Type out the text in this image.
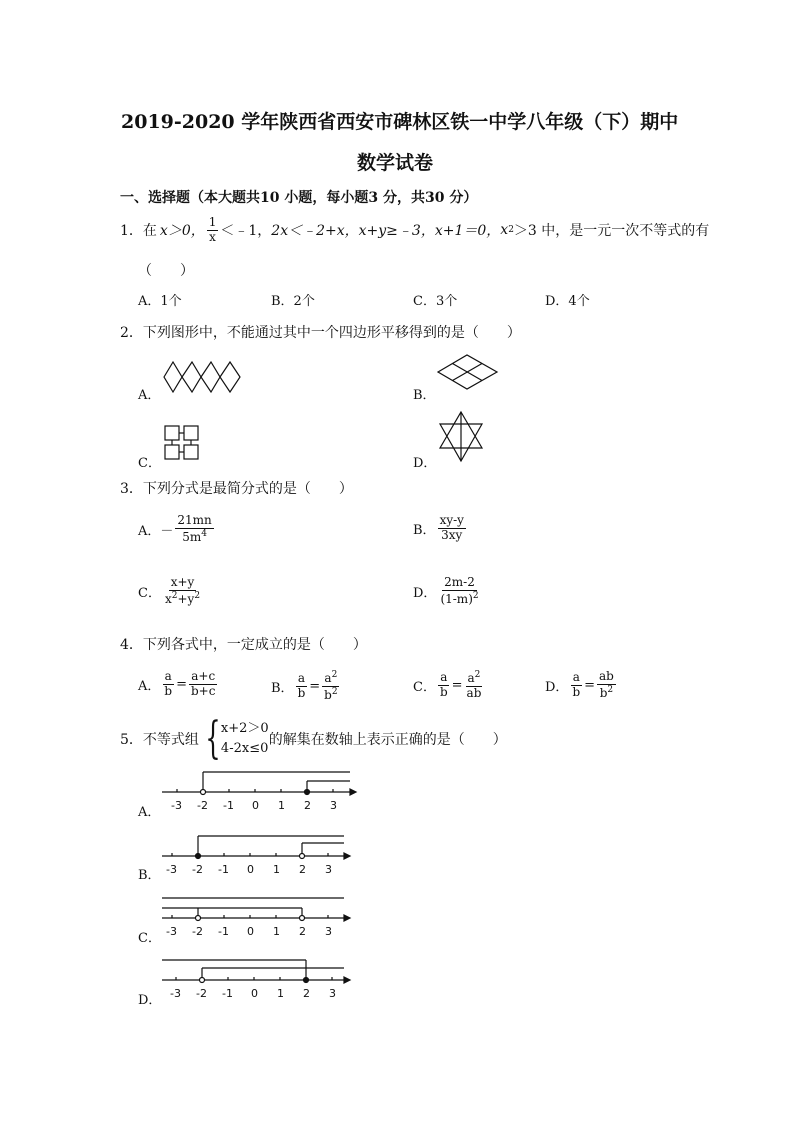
2019-2020 学年陕西省西安市碑林区铁一中学八年级（下）期中
数学试卷
一、选择题（本大题共10 小题，每小题3 分，共30 分）
1． 在 x＞0， $\frac{1}{x}$ ＜﹣1， 2x＜﹣2+x， x+y≥﹣3， x+1＝0， x 2 ＞3 中，是一元一次不等式的有
（　　）
A．1个	B．2个	C．3个	D．4个
2．下列图形中，不能通过其中一个四边形平移得到的是（　　）
A．	B．
C．	D．
3．下列分式是最简分式的是（　　）
A． － $\frac{21mn}{5m^4}$	B． $\frac{xy-y}{3xy}$
C． $\frac{x+y}{x^2+y^2}$	D． $\frac{2m-2}{(1-m)^2}$
4．下列各式中，一定成立的是（　　）
A． $\frac{a}{b} = \frac{a+c}{b+c}$	B． $\frac{a}{b} = \frac{a^2}{b^2}$	C． $\frac{a}{b} = \frac{a^2}{ab}$	D． $\frac{a}{b} = \frac{ab}{b^2}$
5．不等式组 { x+2＞0
4-2x≤0
的解集在数轴上表示正确的是（　　）
A． -3 -2 -1 0 1 2 3
B． -3 -2 -1 0 1 2 3
C． -3 -2 -1 0 1 2 3
D． -3 -2 -1 0 1 2 3
